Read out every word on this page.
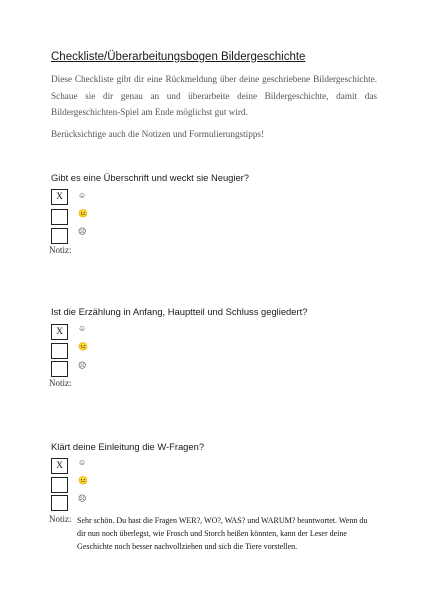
Checkliste/Überarbeitungsbogen Bildergeschichte
Diese Checkliste gibt dir eine Rückmeldung über deine geschriebene Bildergeschichte. Schaue sie dir genau an und überarbeite deine Bildergeschichte, damit das Bildergeschichten-Spiel am Ende möglichst gut wird.
Berücksichtige auch die Notizen und Formulierungstipps!
Gibt es eine Überschrift und weckt sie Neugier?
X	☺
😐
☹
Notiz:
Ist die Erzählung in Anfang, Hauptteil und Schluss gegliedert?
X	☺
😐
☹
Notiz:
Klärt deine Einleitung die W-Fragen?
X	☺
😐
☹
Notiz: Sehr schön. Du hast die Fragen WER?, WO?, WAS? und WARUM? beantwortet. Wenn du dir nun noch überlegst, wie Frosch und Storch heißen könnten, kann der Leser deine Geschichte noch besser nachvollziehen und sich die Tiere vorstellen.
